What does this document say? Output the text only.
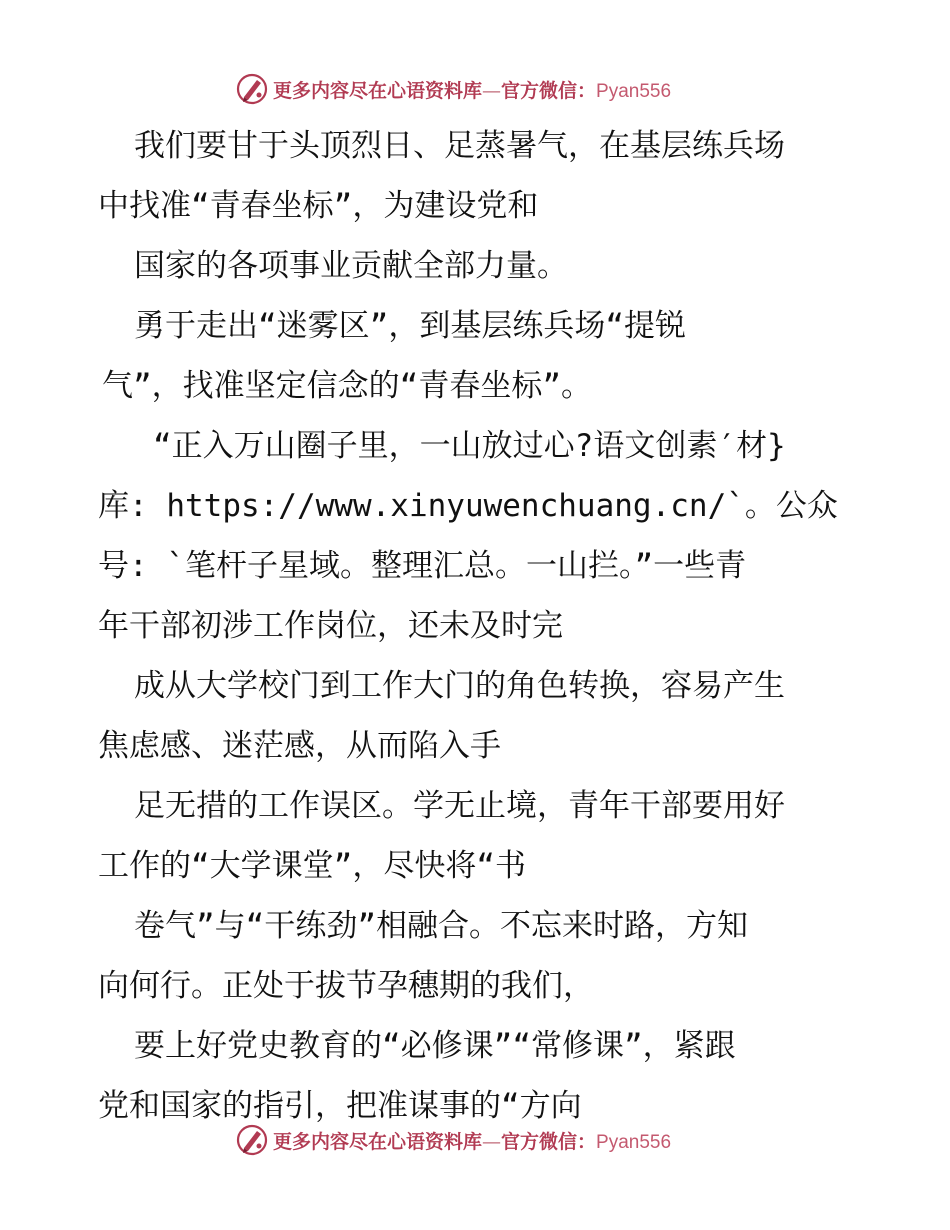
更多内容尽在心语资料库—官方微信：Pyan556
我们要甘于头顶烈日、足蒸暑气，在基层练兵场
中找准“青春坐标”，为建设党和
国家的各项事业贡献全部力量。
勇于走出“迷雾区”，到基层练兵场“提锐
气”，找准坚定信念的“青春坐标”。
“正入万山圈子里，一山放过心?语文创素′材}
库: https://www.xinyuwenchuang.cn/`。公众
号: `笔杆子星域。整理汇总。一山拦。”一些青
年干部初涉工作岗位，还未及时完
成从大学校门到工作大门的角色转换，容易产生
焦虑感、迷茫感，从而陷入手
足无措的工作误区。学无止境，青年干部要用好
工作的“大学课堂”，尽快将“书
卷气”与“干练劲”相融合。不忘来时路，方知
向何行。正处于拔节孕穗期的我们，
要上好党史教育的“必修课”“常修课”，紧跟
党和国家的指引，把准谋事的“方向
更多内容尽在心语资料库—官方微信：Pyan556
